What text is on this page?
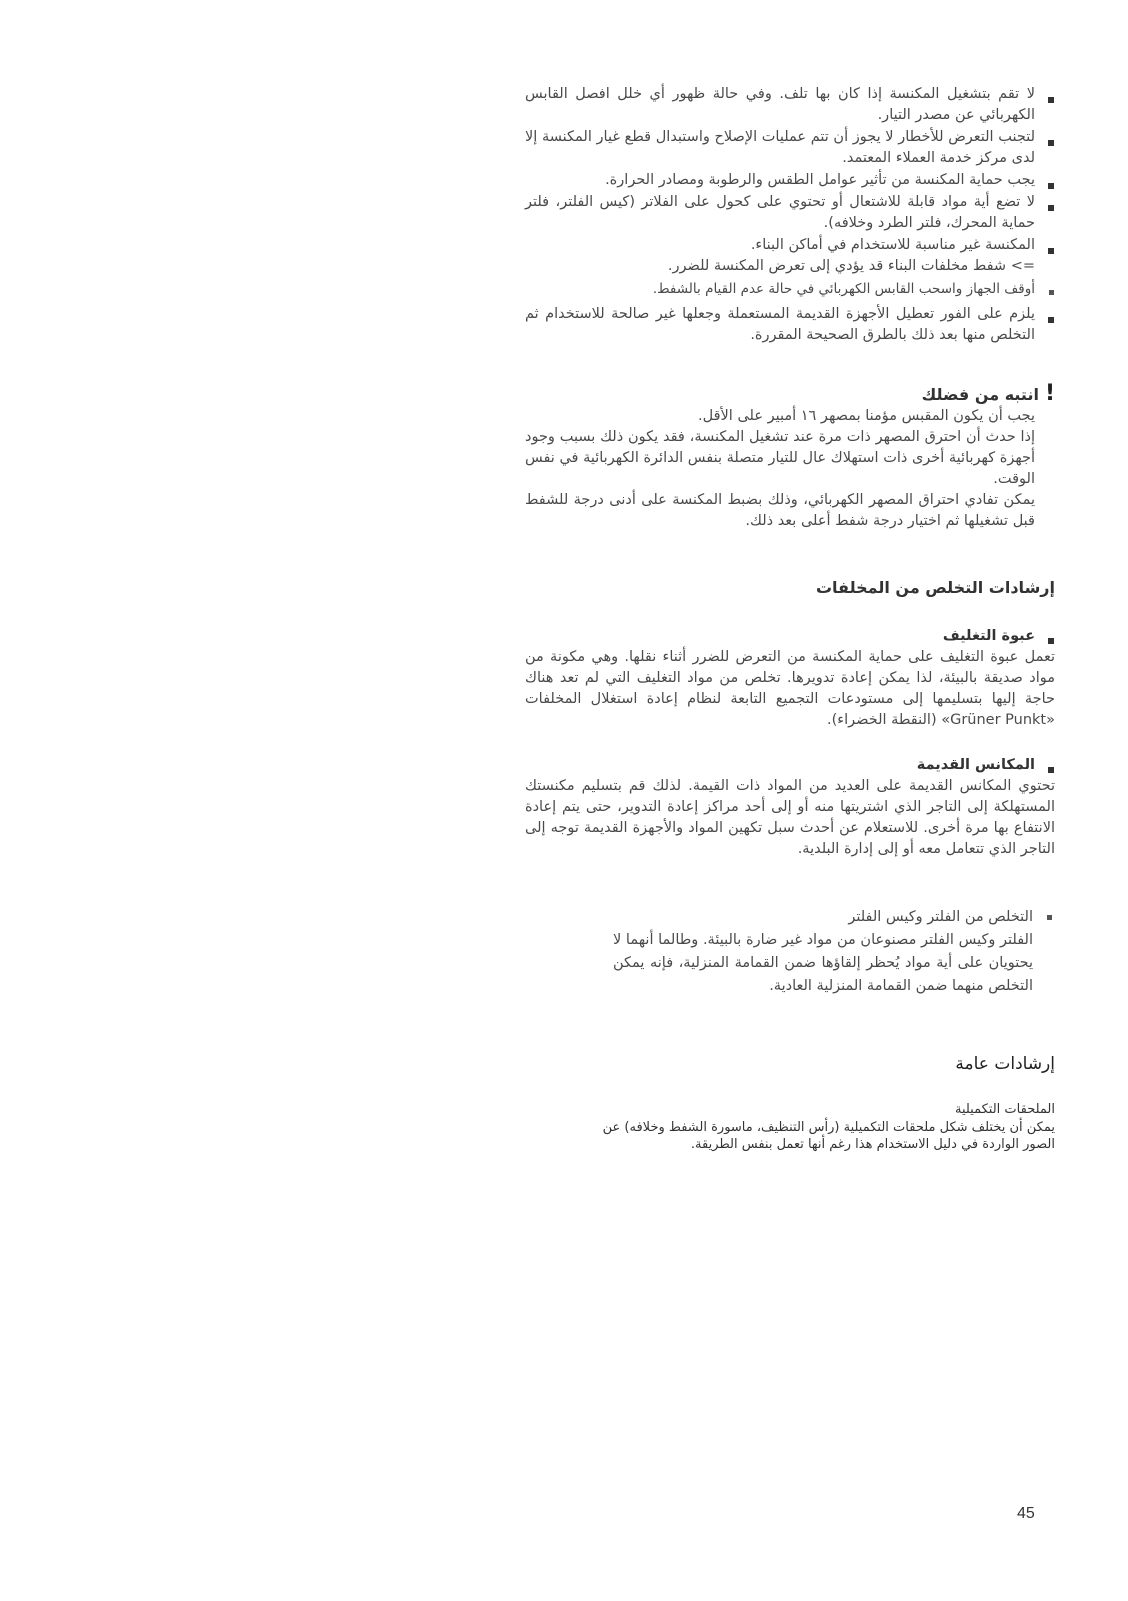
لا تقم بتشغيل المكنسة إذا كان بها تلف. وفي حالة ظهور أي خلل افصل القابس الكهربائي عن مصدر التيار.
لتجنب التعرض للأخطار لا يجوز أن تتم عمليات الإصلاح واستبدال قطع غيار المكنسة إلا لدى مركز خدمة العملاء المعتمد.
يجب حماية المكنسة من تأثير عوامل الطقس والرطوبة ومصادر الحرارة.
لا تضع أية مواد قابلة للاشتعال أو تحتوي على كحول على الفلاتر (كيس الفلتر، فلتر حماية المحرك، فلتر الطرد وخلافه).
المكنسة غير مناسبة للاستخدام في أماكن البناء.
=> شفط مخلفات البناء قد يؤدي إلى تعرض المكنسة للضرر.
ﺃﻭﻗﻒ ﺍﻟﺠﻬﺎﺯ ﻭﺍﺳﺤﺐ ﺍﻟﻘﺎﺑﺲ ﺍﻟﻜﻬﺮﺑﺎﺋﻲ ﻓﻲ ﺣﺎﻟﺔ ﻋﺪﻡ ﺍﻟﻘﻴﺎﻡ ﺑﺎﻟﺸﻔﻂ.
يلزم على الفور تعطيل الأجهزة القديمة المستعملة وجعلها غير صالحة للاستخدام ثم التخلص منها بعد ذلك بالطرق الصحيحة المقررة.

!انتبه من فضلك

يجب أن يكون المقبس مؤمنا بمصهر ١٦ أمبير على الأقل.

إذا حدث أن احترق المصهر ذات مرة عند تشغيل المكنسة، فقد يكون ذلك بسبب وجود أجهزة كهربائية أخرى ذات استهلاك عال للتيار متصلة بنفس الدائرة الكهربائية في نفس الوقت.

يمكن تفادي احتراق المصهر الكهربائي، وذلك بضبط المكنسة على أدنى درجة للشفط قبل تشغيلها ثم اختيار درجة شفط أعلى بعد ذلك.

إرشادات التخلص من المخلفات

عبوة التغليف

تعمل عبوة التغليف على حماية المكنسة من التعرض للضرر أثناء نقلها. وهي مكونة من مواد صديقة بالبيئة، لذا يمكن إعادة تدويرها. تخلص من مواد التغليف التي لم تعد هناك حاجة إليها بتسليمها إلى مستودعات التجميع التابعة لنظام إعادة استغلال المخلفات «Grüner Punkt» (النقطة الخضراء).

المكانس القديمة

تحتوي المكانس القديمة على العديد من المواد ذات القيمة. لذلك قم بتسليم مكنستك المستهلكة إلى التاجر الذي اشتريتها منه أو إلى أحد مراكز إعادة التدوير، حتى يتم إعادة الانتفاع بها مرة أخرى. للاستعلام عن أحدث سبل تكهين المواد والأجهزة القديمة توجه إلى التاجر الذي تتعامل معه أو إلى إدارة البلدية.

التخلص من الفلتر وكيس الفلتر

الفلتر وكيس الفلتر مصنوعان من مواد غير ضارة بالبيئة. وطالما أنهما لا يحتويان على أية مواد يُحظر إلقاؤها ضمن القمامة المنزلية، فإنه يمكن التخلص منهما ضمن القمامة المنزلية العادية.

ﺇﺭﺷﺎﺩﺍﺕ ﻋﺎﻣﺔ

ﺍﻟﻤﻠﺤﻘﺎﺕ ﺍﻟﺘﻜﻤﻴﻠﻴﺔ

ﻳﻤﻜﻦ ﺃﻥ ﻳﺨﺘﻠﻒ ﺷﻜﻞ ﻣﻠﺤﻘﺎﺕ ﺍﻟﺘﻜﻤﻴﻠﻴﺔ (ﺭﺃﺱ ﺍﻟﺘﻨﻈﻴﻒ، ﻣﺎﺳﻮﺭﺓ ﺍﻟﺸﻔﻂ ﻭﺧﻼﻓﻪ) ﻋﻦ ﺍﻟﺼﻮﺭ ﺍﻟﻮﺍﺭﺩﺓ ﻓﻲ ﺩﻟﻴﻞ ﺍﻻﺳﺘﺨﺪﺍﻡ ﻫﺬﺍ ﺭﻏﻢ ﺃﻧﻬﺎ ﺗﻌﻤﻞ ﺑﻨﻔﺲ ﺍﻟﻄﺮﻳﻘﺔ.

45
